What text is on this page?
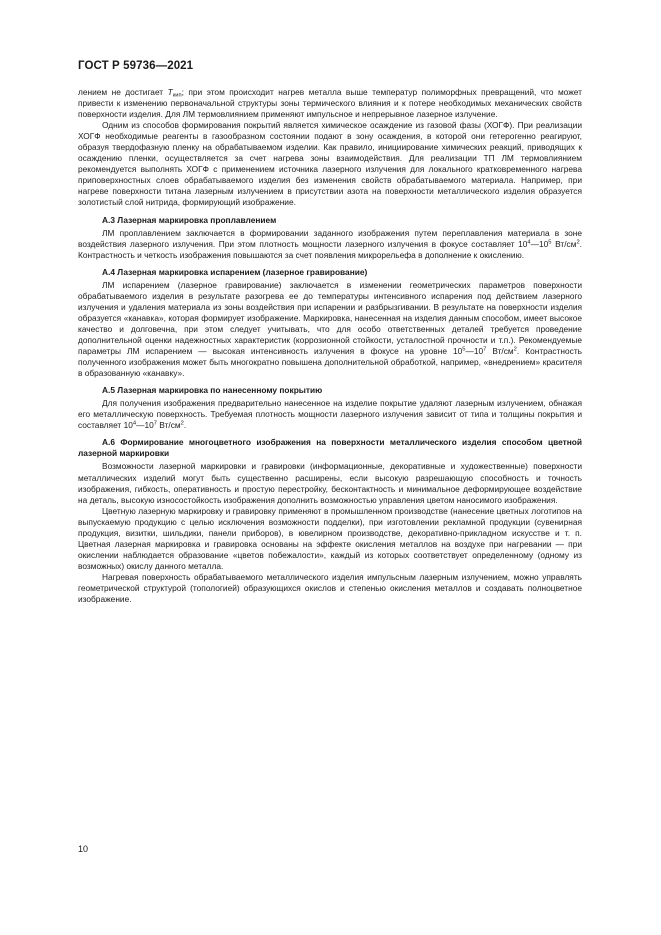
ГОСТ Р 59736—2021

лением не достигает $T_{кип}$; при этом происходит нагрев металла выше температур полиморфных превращений, что может привести к изменению первоначальной структуры зоны термического влияния и к потере необходимых механических свойств поверхности изделия. Для ЛМ термовлиянием применяют импульсное и непрерывное лазерное излучение.

Одним из способов формирования покрытий является химическое осаждение из газовой фазы (ХОГФ). При реализации ХОГФ необходимые реагенты в газообразном состоянии подают в зону осаждения, в которой они гетерогенно реагируют, образуя твердофазную пленку на обрабатываемом изделии. Как правило, инициирование химических реакций, приводящих к осаждению пленки, осуществляется за счет нагрева зоны взаимодействия. Для реализации ТП ЛМ термовлиянием рекомендуется выполнять ХОГФ с применением источника лазерного излучения для локального кратковременного нагрева приповерхностных слоев обрабатываемого изделия без изменения свойств обрабатываемого материала. Например, при нагреве поверхности титана лазерным излучением в присутствии азота на поверхности металлического изделия образуется золотистый слой нитрида, формирующий изображение.

А.3 Лазерная маркировка проплавлением

ЛМ проплавлением заключается в формировании заданного изображения путем переплавления материала в зоне воздействия лазерного излучения. При этом плотность мощности лазерного излучения в фокусе составляет $10^4—10^5$ $Вт/см^2$. Контрастность и четкость изображения повышаются за счет появления микрорельефа в дополнение к окислению.

А.4 Лазерная маркировка испарением (лазерное гравирование)

ЛМ испарением (лазерное гравирование) заключается в изменении геометрических параметров поверхности обрабатываемого изделия в результате разогрева ее до температуры интенсивного испарения под действием лазерного излучения и удаления материала из зоны воздействия при испарении и разбрызгивании. В результате на поверхности изделия образуется «канавка», которая формирует изображение. Маркировка, нанесенная на изделия данным способом, имеет высокое качество и долговечна, при этом следует учитывать, что для особо ответственных деталей требуется проведение дополнительной оценки надежностных характеристик (коррозионной стойкости, усталостной прочности и т.п.). Рекомендуемые параметры ЛМ испарением — высокая интенсивность излучения в фокусе на уровне $10^5—10^7$ $Вт/см^2$. Контрастность полученного изображения может быть многократно повышена дополнительной обработкой, например, «внедрением» красителя в образованную «канавку».

А.5 Лазерная маркировка по нанесенному покрытию

Для получения изображения предварительно нанесенное на изделие покрытие удаляют лазерным излучением, обнажая его металлическую поверхность. Требуемая плотность мощности лазерного излучения зависит от типа и толщины покрытия и составляет $10^4—10^7$ $Вт/см^2$.

А.6 Формирование многоцветного изображения на поверхности металлического изделия способом цветной лазерной маркировки

Возможности лазерной маркировки и гравировки (информационные, декоративные и художественные) поверхности металлических изделий могут быть существенно расширены, если высокую разрешающую способность и точность изображения, гибкость, оперативность и простую перестройку, бесконтактность и минимальное деформирующее воздействие на деталь, высокую износостойкость изображения дополнить возможностью управления цветом наносимого изображения.

Цветную лазерную маркировку и гравировку применяют в промышленном производстве (нанесение цветных логотипов на выпускаемую продукцию с целью исключения возможности подделки), при изготовлении рекламной продукции (сувенирная продукция, визитки, шильдики, панели приборов), в ювелирном производстве, декоративно-прикладном искусстве и т. п. Цветная лазерная маркировка и гравировка основаны на эффекте окисления металлов на воздухе при нагревании — при окислении наблюдается образование «цветов побежалости», каждый из которых соответствует определенному (одному из возможных) окислу данного металла.

Нагревая поверхность обрабатываемого металлического изделия импульсным лазерным излучением, можно управлять геометрической структурой (топологией) образующихся окислов и степенью окисления металлов и создавать полноцветное изображение.

10
